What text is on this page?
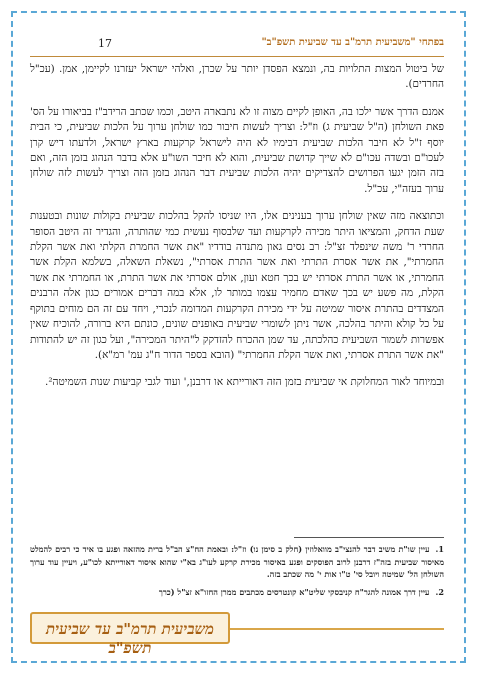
17	בפתחי "משביעית תרמ"ב עד שביעית תשפ"ב"

של ביטול המצות התלויות בה, ונמצא הפסדן יותר על שכרן, ואלהי ישראל יעזרנו לקיימן, אמן. (עכ"ל החרדים).

אמנם הדרך אשר ילכו בה, האופן לקיים מצוה זו לא נתבארה היטב, וכמו שכתב הרידב"ז בביאורו על הס' פאת השולחן (ה"ל שביעית ג) וז"ל: וצריך לעשות חיבור כמו שולחן ערוך על הלכות שביעית, כי הבית יוסף ז"ל לא חיבר הלכות שביעית דבימיו לא היה לישראל קרקעות בארץ ישראל, ולדעתו דיש קרן לעכו"ם ובשדה עכו"ם לא שייך קדושת שביעית, והוא לא חיבר השו"ע אלא בדבר הנהוג בזמן הזה, ואם בזה הזמן יגעו הפרושים להצדיקים יהיה הלכות שביעית דבר הנהוג בזמן הזה וצריך לעשות לזה שולחן ערוך בעזה"י, עכ"ל.

וכתוצאה מזה שאין שולחן ערוך בענינים אלו, היו שניסו להקל בהלכות שביעית בקולות שונות ובטענות שעת הדחק, והמציאו היתר מכירה לקרקעות ועד שלבסוף נעשית כמי שהותרה, והגדיר זה היטב הסופר החרדי ר' משה שינפלד זצ"ל: רב נסים גאון מתנדה בודדיו "את אשר החמרת הקלתי ואת אשר הקלת החמרתי", את אשר אסרת התרתי ואת אשר התרת אסרתי", נשאלת השאלה, בשלמא הקלת אשר החמרתי, או אשר התרת אסרתי יש בכך חטא ועון, אולם אסרתי את אשר התרת, או החמרתי את אשר הקלת, מה פשע יש בכך שאדם מחמיר עצמו במותר לו, אלא במה דברים אמורים כגון אלה הרבנים המצדדים בהתרת איסור שמיטה על ידי מכירת הקרקעות המדומה לנכרי, ויחד עם זה הם מוחים בתוקף על כל קולא והיתר בהלכה, אשר ניתן לשומרי שביעית באופנים שונים, כונתם היא ברורה, להוכיח שאין אפשרות לשמור השביעית כהלכתה, עד שמן ההכרח להזדקק ל"היתר המכירה", ועל כגון זה יש להתודות "את אשר התרת אסרתי, ואת אשר הקלת החמרתי" (הובא בספר הדור ח"ג עמ' רמ"א).

ובמיוחד לאור המחלוקת אי שביעית בזמן הזה דאורייתא או דרבנן,' ועוד לגבי קביעות שנות השמיטה².

1.עיין שו"ת משיב דבר להנצי"ב מוואלוזין (חלק ב סימן נו) וז"ל: ובאמת הח"צ הב"ל ברית מהזאה ופגע בו איד כי רבים להמלט מאיסור שביעית בזה"ז דרבנן לרוב הפוסקים ופגע באיסור מכירת קרקע לעו"ג בא"י שהוא איסור דאורייתא לכו"ע, ויעיין עוד ערוך השולחן הל' שמיטה ויובל סי' ט"ו אות י' מה שכתב בזה.
2.עיין דרך אמונה להגר"ח קניבסקי שליט"א קונטרסים מכתבים ממרן החזו"א זצ"ל (כרך
משביעית תרמ"ב עד שביעית תשפ"ב
